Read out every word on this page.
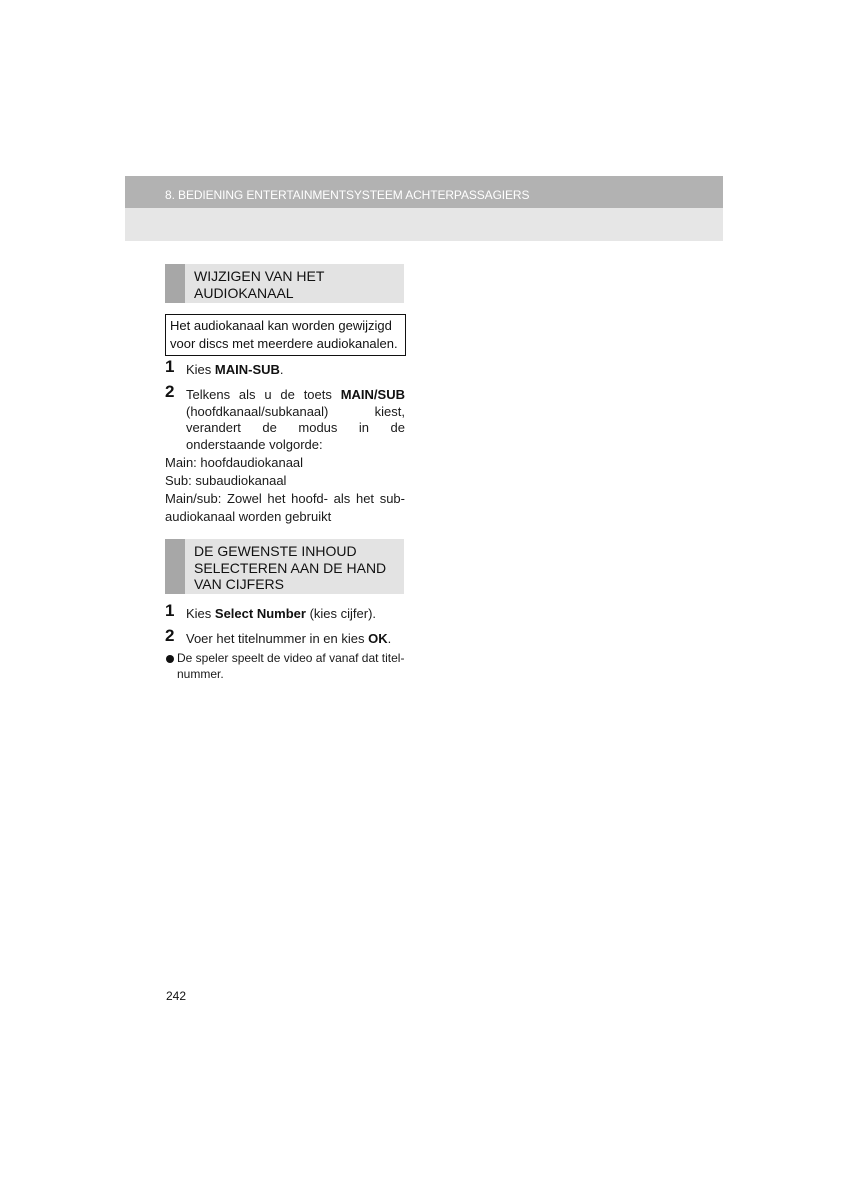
8. BEDIENING ENTERTAINMENTSYSTEEM ACHTERPASSAGIERS
WIJZIGEN VAN HET AUDIOKANAAL
Het audiokanaal kan worden gewijzigd voor discs met meerdere audiokanalen.
1 Kies MAIN-SUB.
2 Telkens als u de toets MAIN/SUB (hoofdkanaal/subkanaal) kiest, verandert de modus in de onderstaande volgorde:
Main: hoofdaudiokanaal
Sub: subaudiokanaal
Main/sub: Zowel het hoofd- als het sub-audiokanaal worden gebruikt
DE GEWENSTE INHOUD SELECTEREN AAN DE HAND VAN CIJFERS
1 Kies Select Number (kies cijfer).
2 Voer het titelnummer in en kies OK.
De speler speelt de video af vanaf dat titel-nummer.
242
